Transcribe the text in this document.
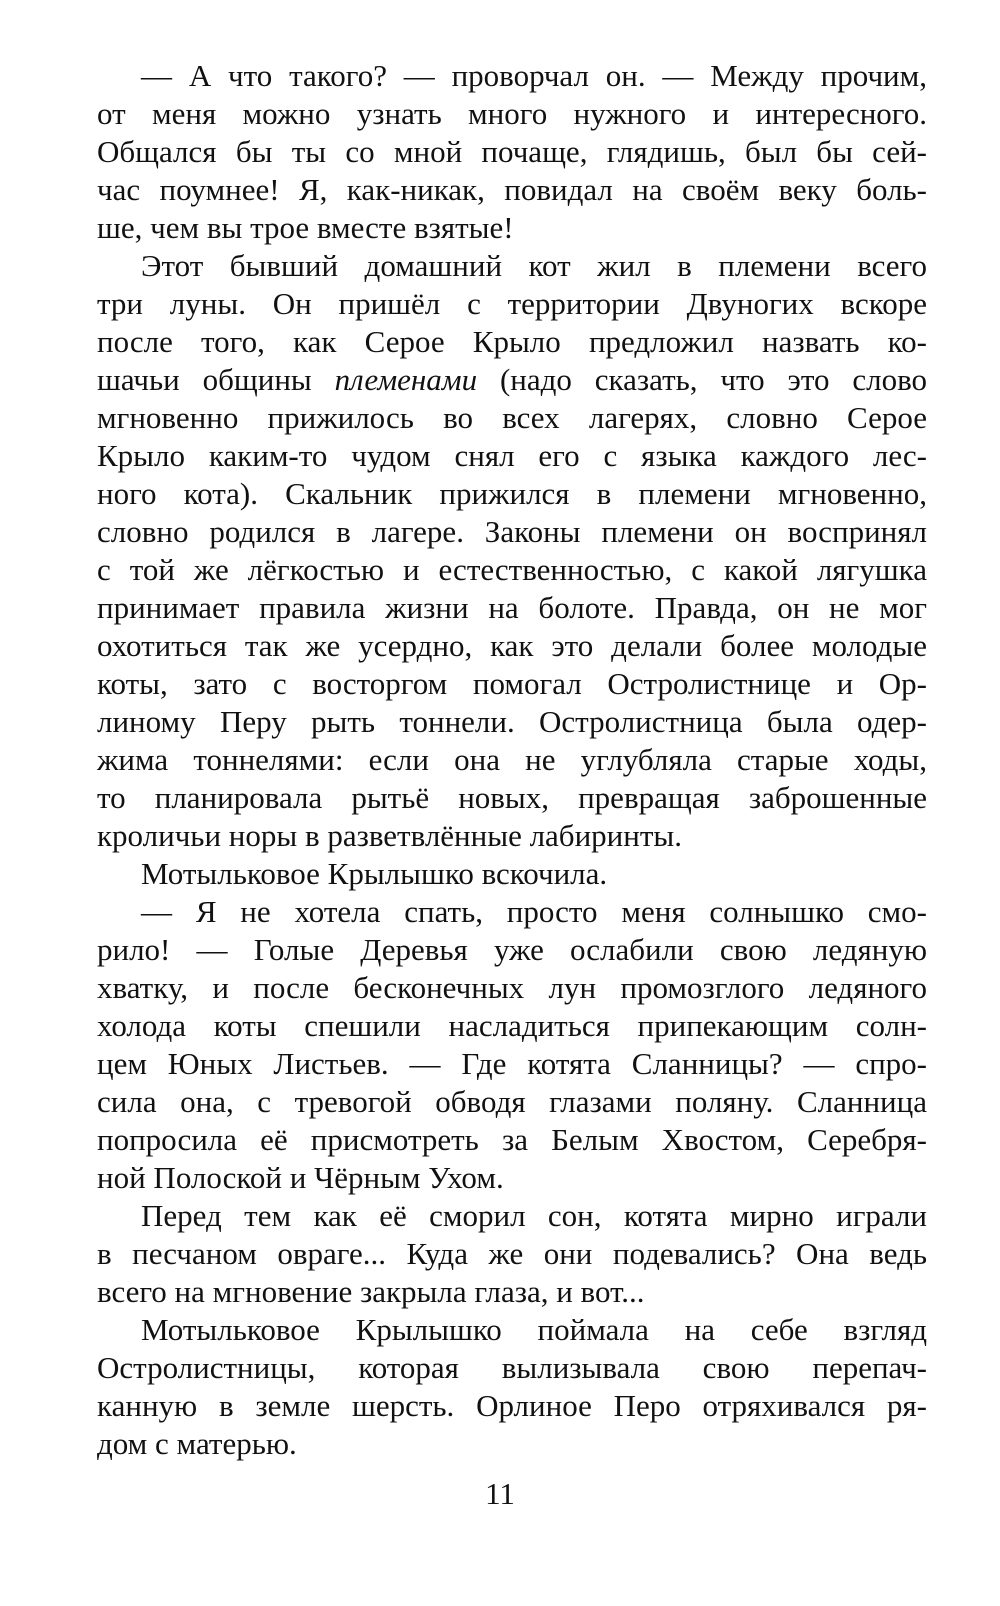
— А что такого? — проворчал он. — Между прочим,
от меня можно узнать много нужного и интересного.
Общался бы ты со мной почаще, глядишь, был бы сей-
час поумнее! Я, как-никак, повидал на своём веку боль-
ше, чем вы трое вместе взятые!
Этот бывший домашний кот жил в племени всего
три луны. Он пришёл с территории Двуногих вскоре
после того, как Серое Крыло предложил назвать ко-
шачьи общины племенами (надо сказать, что это слово
мгновенно прижилось во всех лагерях, словно Серое
Крыло каким-то чудом снял его с языка каждого лес-
ного кота). Скальник прижился в племени мгновенно,
словно родился в лагере. Законы племени он воспринял
с той же лёгкостью и естественностью, с какой лягушка
принимает правила жизни на болоте. Правда, он не мог
охотиться так же усердно, как это делали более молодые
коты, зато с восторгом помогал Остролистнице и Ор-
линому Перу рыть тоннели. Остролистница была одер-
жима тоннелями: если она не углубляла старые ходы,
то планировала рытьё новых, превращая заброшенные
кроличьи норы в разветвлённые лабиринты.
Мотыльковое Крылышко вскочила.
— Я не хотела спать, просто меня солнышко смо-
рило! — Голые Деревья уже ослабили свою ледяную
хватку, и после бесконечных лун промозглого ледяного
холода коты спешили насладиться припекающим солн-
цем Юных Листьев. — Где котята Сланницы? — спро-
сила она, с тревогой обводя глазами поляну. Сланница
попросила её присмотреть за Белым Хвостом, Серебря-
ной Полоской и Чёрным Ухом.
Перед тем как её сморил сон, котята мирно играли
в песчаном овраге... Куда же они подевались? Она ведь
всего на мгновение закрыла глаза, и вот...
Мотыльковое Крылышко поймала на себе взгляд
Остролистницы, которая вылизывала свою перепач-
канную в земле шерсть. Орлиное Перо отряхивался ря-
дом с матерью.
11
